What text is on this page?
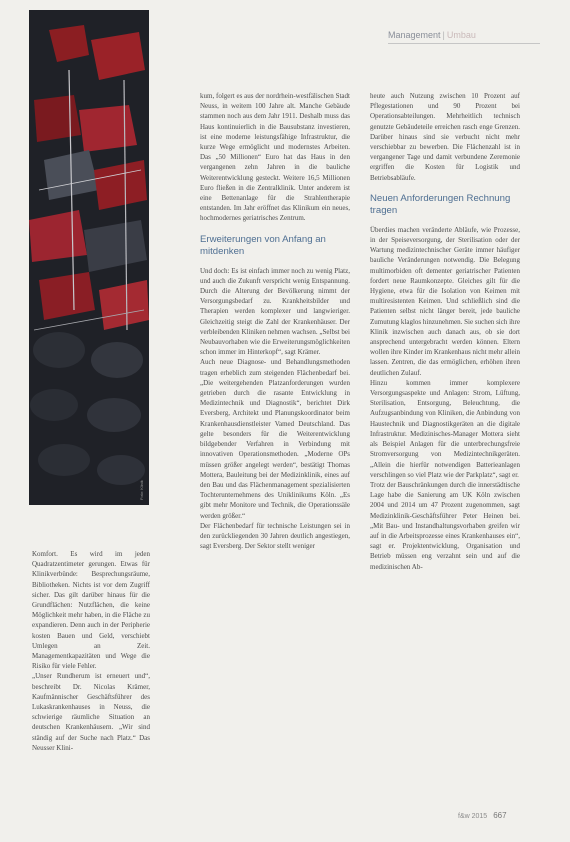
Management | Umbau
Foto: Klinik

Komfort. Es wird im jeden Quadratzentimeter gerungen. Etwas für Klinikverbünde: Besprechungsräume, Bibliotheken. Nichts ist vor dem Zugriff sicher. Das gilt darüber hinaus für die Grundflächen: Nutzflächen, die keine Möglichkeit mehr haben, in die Fläche zu expandieren. Denn auch in der Peripherie kosten Bauen und Geld, verschiebt Umlegen an Zeit. Managementkapazitäten und Wege die Risiko für viele Fehler.

„Unser Rundherum ist erneuert und“, beschreibt Dr. Nicolas Krämer, Kaufmännischer Geschäftsführer des Lukaskrankenhauses in Neuss, die schwierige räumliche Situation an deutschen Krankenhäusern. „Wir sind ständig auf der Suche nach Platz.“ Das Neusser Klini-

kum, folgert es aus der nordrhein-westfälischen Stadt Neuss, in weitem 100 Jahre alt. Manche Gebäude stammen noch aus dem Jahr 1911. Deshalb muss das Haus kontinuierlich in die Bausubstanz investieren, ist eine moderne leistungsfähige Infrastruktur, die kurze Wege ermöglicht und modernstes Arbeiten. Das „50 Millionen“ Euro hat das Haus in den vergangenen zehn Jahren in die bauliche Weiterentwicklung gesteckt. Weitere 16,5 Millionen Euro fließen in die Zentralklinik. Unter anderem ist eine Bettenanlage für die Strahlentherapie entstanden. Im Jahr eröffnet das Klinikum ein neues, hochmodernes geriatrisches Zentrum.

Erweiterungen von Anfang an mitdenken

Und doch: Es ist einfach immer noch zu wenig Platz, und auch die Zukunft verspricht wenig Entspannung. Durch die Alterung der Bevölkerung nimmt der Versorgungsbedarf zu. Krankheitsbilder und Therapien werden komplexer und langwieriger. Gleichzeitig steigt die Zahl der Krankenhäuser. Der verbleibenden Kliniken nehmen wachsen. „Selbst bei Neubauvorhaben wie die Erweiterungsmöglichkeiten schon immer im Hinterkopf“, sagt Krämer.

Auch neue Diagnose- und Behandlungsmethoden tragen erheblich zum steigenden Flächenbedarf bei. „Die weitergehenden Platzanforderungen wurden getrieben durch die rasante Entwicklung in Medizintechnik und Diagnostik“, berichtet Dirk Eversberg, Architekt und Planungskoordinator beim Krankenhausdienstleister Vamed Deutschland. Das gelte besonders für die Weiterentwicklung bildgebender Verfahren in Verbindung mit innovativen Operationsmethoden. „Moderne OPs müssen größer angelegt werden“, bestätigt Thomas Mottera, Bauleitung bei der Medizinklinik, eines auf den Bau und das Flächenmanagement spezialisierten Tochterunternehmens des Uniklinikums Köln. „Es gibt mehr Monitore und Technik, die Operationssäle werden größer.“

Der Flächenbedarf für technische Leistungen sei in den zurückliegenden 30 Jahren deutlich angestiegen, sagt Eversberg. Der Sektor stellt weniger

heute auch Nutzung zwischen 10 Prozent auf Pflegestationen und 90 Prozent bei Operationsabteilungen. Mehrheitlich technisch genutzte Gebäudeteile erreichen rasch enge Grenzen. Darüber hinaus sind sie verbucht nicht mehr verschiebbar zu bewerben. Die Flächenzahl ist in vergangener Tage und damit verbundene Zeremonie ergriffen die Kosten für Logistik und Betriebsabläufe.

Neuen Anforderungen Rechnung tragen

Überdies machen veränderte Abläufe, wie Prozesse, in der Speiseversorgung, der Sterilisation oder der Wartung medizintechnischer Geräte immer häufiger bauliche Veränderungen notwendig. Die Belegung multimorbiden oft dementer geriatrischer Patienten fordert neue Raumkonzepte. Gleiches gilt für die Hygiene, etwa für die Isolation von Keimen mit multiresistenten Keimen. Und schließlich sind die Patienten selbst nicht länger bereit, jede bauliche Zumutung klaglos hinzunehmen. Sie suchen sich ihre Klinik inzwischen auch danach aus, ob sie dort ansprechend untergebracht werden können. Eltern wollen ihre Kinder im Krankenhaus nicht mehr allein lassen. Zentren, die das ermöglichen, erhöhen ihren deutlichen Zulauf.

Hinzu kommen immer komplexere Versorgungsaspekte und Anlagen: Strom, Lüftung, Sterilisation, Entsorgung, Beleuchtung, die Aufzugsanbindung von Kliniken, die Anbindung von Haustechnik und Diagnostikgeräten an die digitale Infrastruktur. Medizinisches-Manager Mottera sieht als Beispiel Anlagen für die unterbrechungsfreie Stromversorgung von Medizintechnikgeräten. „Allein die hierfür notwendigen Batterieanlagen verschlingen so viel Platz wie der Parkplatz“, sagt er.

Trotz der Bauschränkungen durch die innerstädtische Lage habe die Sanierung am UK Köln zwischen 2004 und 2014 um 47 Prozent zugenommen, sagt Medizinklinik-Geschäftsführer Peter Heinen bei. „Mit Bau- und Instandhaltungsvorhaben greifen wir auf in die Arbeitsprozesse eines Krankenhauses ein“, sagt er. Projektentwicklung, Organisation und Betrieb müssen eng verzahnt sein und auf die medizinischen Ab-

f&w 2015 667
